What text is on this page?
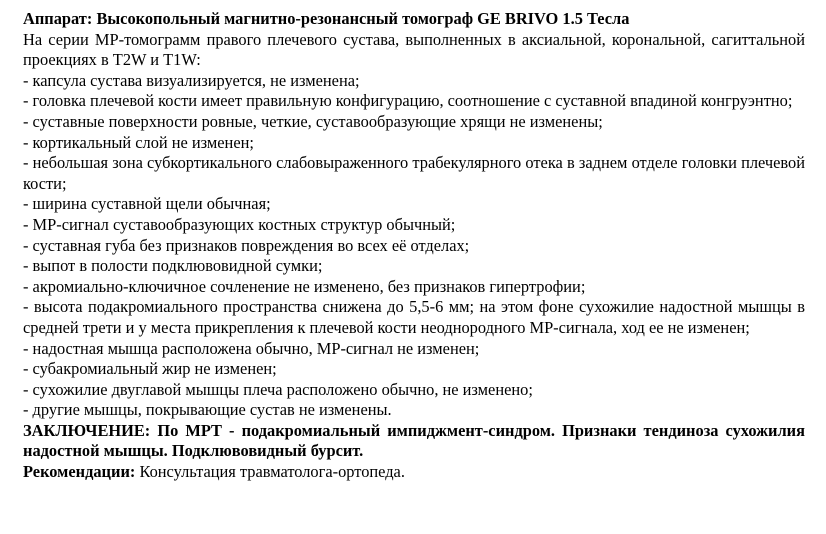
Аппарат: Высокопольный магнитно-резонансный томограф GE BRIVO 1.5 Тесла

На серии МР-томограмм правого плечевого сустава, выполненных в аксиальной, корональной, сагиттальной проекциях в T2W и T1W:

- капсула сустава визуализируется, не изменена;

- головка плечевой кости имеет правильную конфигурацию, соотношение с суставной впадиной конгруэнтно;

- суставные поверхности ровные, четкие, суставообразующие хрящи не изменены;

- кортикальный слой не изменен;

- небольшая зона субкортикального слабовыраженного трабекулярного отека в заднем отделе головки плечевой кости;

- ширина суставной щели обычная;

- МР-сигнал суставообразующих костных структур обычный;

- суставная губа без признаков повреждения во всех её отделах;

- выпот в полости подклювовидной сумки;

- акромиально-ключичное сочленение не изменено, без признаков гипертрофии;

- высота подакромиального пространства снижена до 5,5-6 мм; на этом фоне сухожилие надостной мышцы в средней трети и у места прикрепления к плечевой кости неоднородного МР-сигнала, ход ее не изменен;

- надостная мышца расположена обычно, МР-сигнал не изменен;

- субакромиальный жир не изменен;

- сухожилие двуглавой мышцы плеча расположено обычно, не изменено;

- другие мышцы, покрывающие сустав не изменены.

ЗАКЛЮЧЕНИЕ: По МРТ - подакромиальный импиджмент-синдром. Признаки тендиноза сухожилия надостной мышцы. Подклювовидный бурсит.

Рекомендации: Консультация травматолога-ортопеда.
